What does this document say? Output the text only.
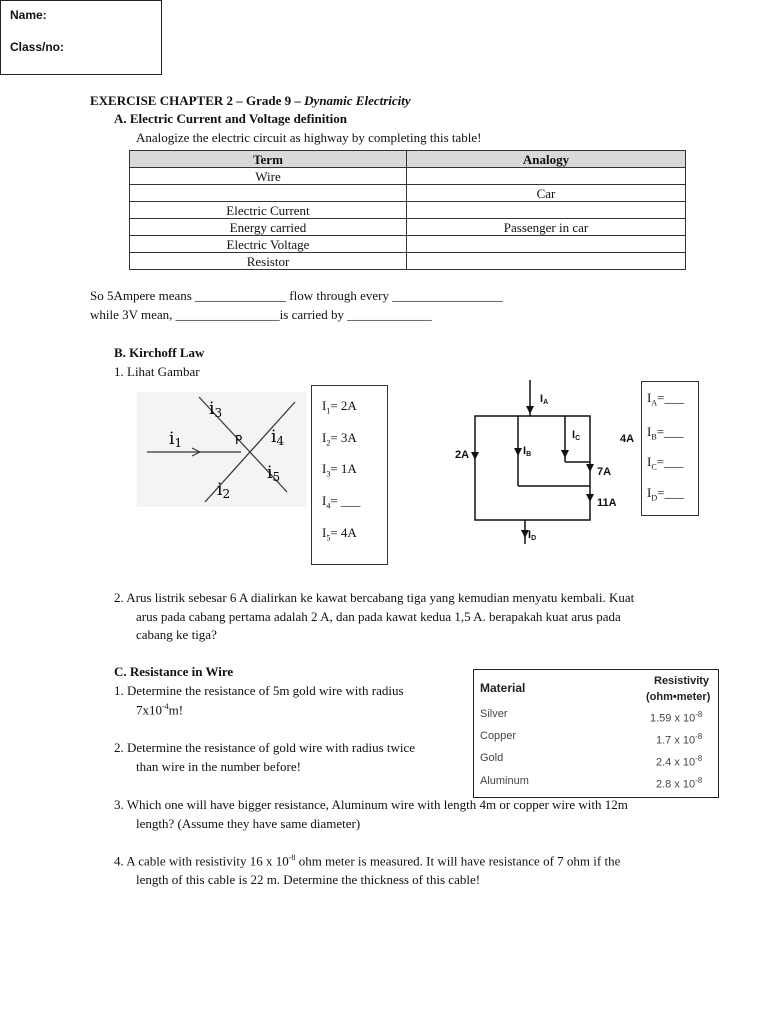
Name:
Class/no:
EXERCISE CHAPTER 2 – Grade 9 – Dynamic Electricity
A. Electric Current and Voltage definition
Analogize the electric circuit as highway by completing this table!
Term	Analogy
Wire	
	Car
Electric Current	
Energy carried	Passenger in car
Electric Voltage	
Resistor	
So 5Ampere means ______________ flow through every _________________
while 3V mean, ________________is carried by _____________
B. Kirchoff Law
1. Lihat Gambar
i1
i3
i4
i5
i2
P
$I_1= 2A$
$I_2= 3A$
$I_3= 1A$
$I_4=$ ___
$I_5= 4A$
IA
IB
IC
ID
2A
4A
7A
11A
$I_A=\_\_\_$
$I_B=\_\_\_$
$I_C=\_\_\_$
$I_D=\_\_\_$
2. Arus listrik sebesar 6 A dialirkan ke kawat bercabang tiga yang kemudian menyatu kembali. Kuat
arus pada cabang pertama adalah 2 A, dan pada kawat kedua 1,5 A. berapakah kuat arus pada
cabang ke tiga?
C. Resistance in Wire
1. Determine the resistance of 5m gold wire with radius
$7x10^{-4}m$!
2. Determine the resistance of gold wire with radius twice
than wire in the number before!
Material	Resistivity
(ohm•meter)
Silver	1.59 x $10^{-8}$
Copper	1.7 x $10^{-8}$
Gold	2.4 x $10^{-8}$
Aluminum	2.8 x $10^{-8}$
3. Which one will have bigger resistance, Aluminum wire with length 4m or copper wire with 12m
length? (Assume they have same diameter)
4. A cable with resistivity 16 x $10^{-8}$ ohm meter is measured. It will have resistance of 7 ohm if the
length of this cable is 22 m. Determine the thickness of this cable!
